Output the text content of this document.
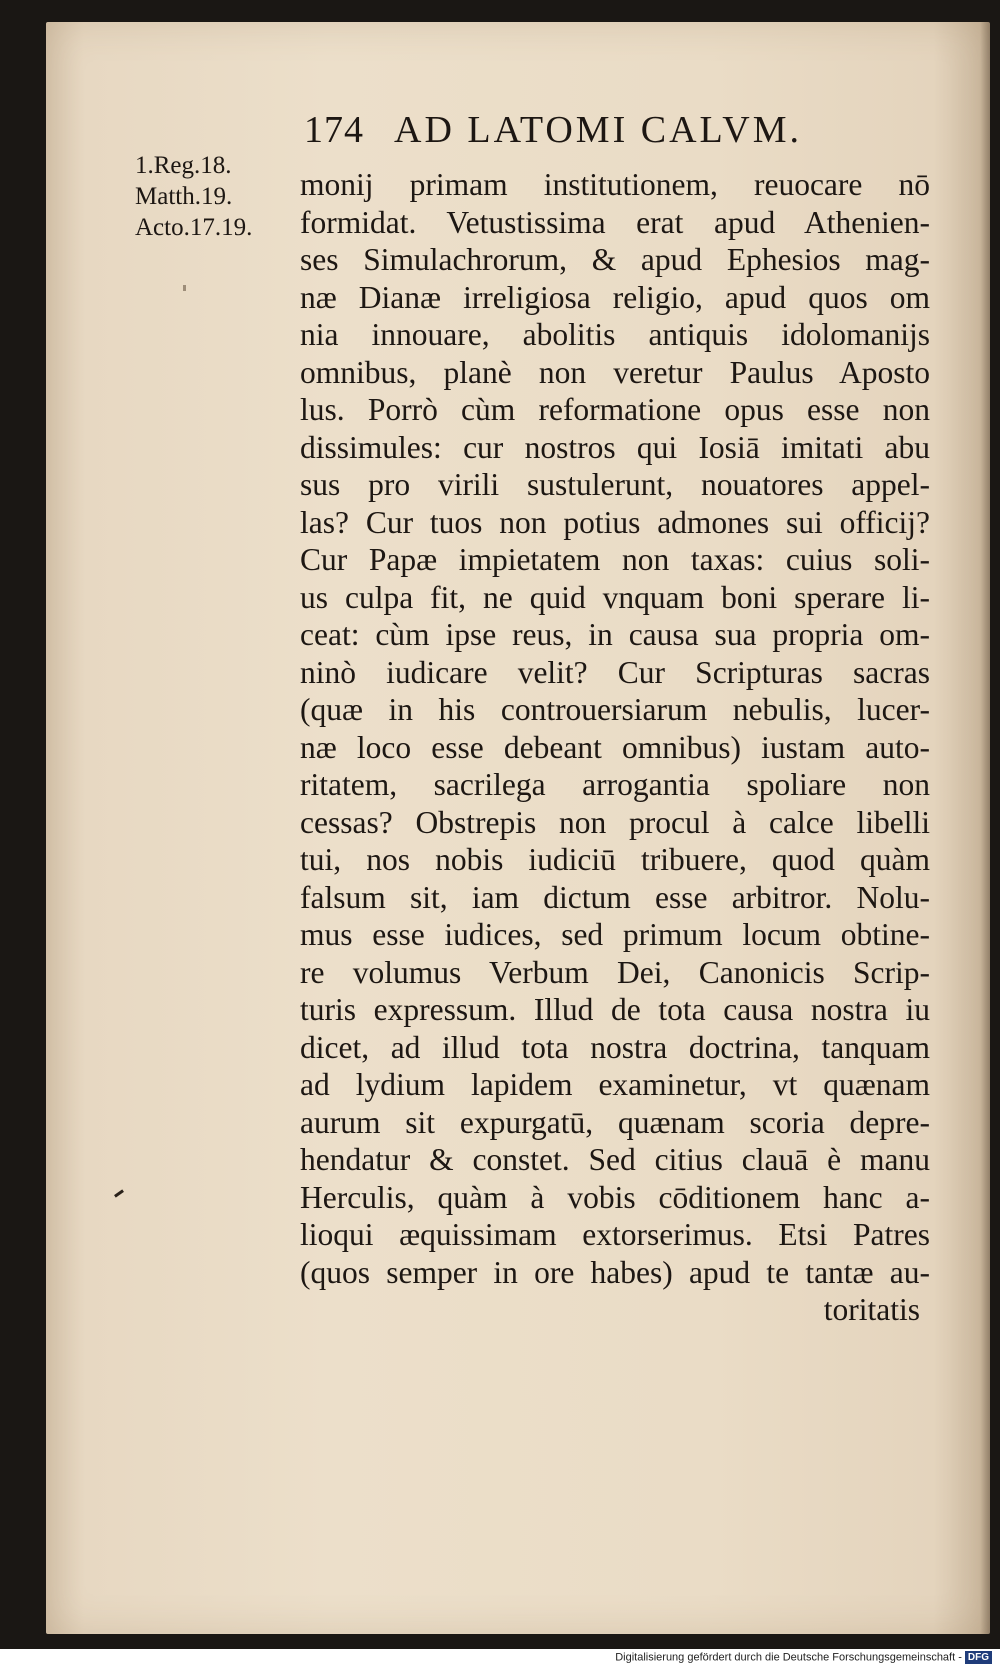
174 AD LATOMI CALVM.
1.Reg.18.
Matth.19.
Acto.17.19.
monij primam institutionem, reuocare nō
formidat. Vetustissima erat apud Athenien-
ses Simulachrorum, & apud Ephesios mag-
næ Dianæ irreligiosa religio, apud quos om
nia innouare, abolitis antiquis idolomanijs
omnibus, planè non veretur Paulus Aposto
lus. Porrò cùm reformatione opus esse non
dissimules: cur nostros qui Iosiā imitati abu
sus pro virili sustulerunt, nouatores appel-
las? Cur tuos non potius admones sui officij?
Cur Papæ impietatem non taxas: cuius soli-
us culpa fit, ne quid vnquam boni sperare li-
ceat: cùm ipse reus, in causa sua propria om-
ninò iudicare velit? Cur Scripturas sacras
(quæ in his controuersiarum nebulis, lucer-
næ loco esse debeant omnibus) iustam auto-
ritatem, sacrilega arrogantia spoliare non
cessas? Obstrepis non procul à calce libelli
tui, nos nobis iudiciū tribuere, quod quàm
falsum sit, iam dictum esse arbitror. Nolu-
mus esse iudices, sed primum locum obtine-
re volumus Verbum Dei, Canonicis Scrip-
turis expressum. Illud de tota causa nostra iu
dicet, ad illud tota nostra doctrina, tanquam
ad lydium lapidem examinetur, vt quænam
aurum sit expurgatū, quænam scoria depre-
hendatur & constet. Sed citius clauā è manu
Herculis, quàm à vobis cōditionem hanc a-
lioqui æquissimam extorserimus. Etsi Patres
(quos semper in ore habes) apud te tantæ au-
toritatis
Digitalisierung gefördert durch die Deutsche Forschungsgemeinschaft - DFG
